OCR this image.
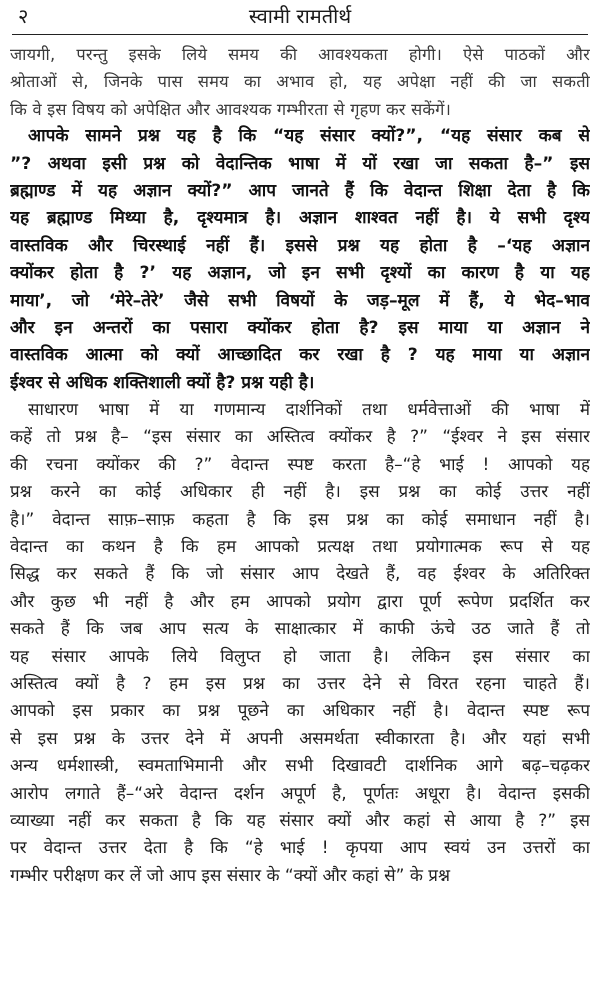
२	स्वामी रामतीर्थ
जायगी, परन्तु इसके लिये समय की आवश्यकता होगी। ऐसे पाठकों और
श्रोताओं से, जिनके पास समय का अभाव हो, यह अपेक्षा नहीं की जा सकती
कि वे इस विषय को अपेक्षित और आवश्यक गम्भीरता से गृहण कर सकेंगें।
आपके सामने प्रश्न यह है कि “यह संसार क्यों?”, “यह संसार कब से
”? अथवा इसी प्रश्न को वेदान्तिक भाषा में यों रखा जा सकता है–” इस
ब्रह्माण्ड में यह अज्ञान क्यों?” आप जानते हैं कि वेदान्त शिक्षा देता है कि
यह ब्रह्माण्ड मिथ्या है, दृश्यमात्र है। अज्ञान शाश्वत नहीं है। ये सभी दृश्य
वास्तविक और चिरस्थाई नहीं हैं। इससे प्रश्न यह होता है –‘यह अज्ञान
क्योंकर होता है ?’ यह अज्ञान, जो इन सभी दृश्यों का कारण है या यह
माया’, जो ‘मेरे–तेरे’ जैसे सभी विषयों के जड़–मूल में हैं, ये भेद–भाव
और इन अन्तरों का पसारा क्योंकर होता है? इस माया या अज्ञान ने
वास्तविक आत्मा को क्यों आच्छादित कर रखा है ? यह माया या अज्ञान
ईश्वर से अधिक शक्तिशाली क्यों है? प्रश्न यही है।
साधारण भाषा में या गणमान्य दार्शनिकों तथा धर्मवेत्ताओं की भाषा में
कहें तो प्रश्न है– “इस संसार का अस्तित्व क्योंकर है ?” “ईश्वर ने इस संसार
की रचना क्योंकर की ?” वेदान्त स्पष्ट करता है–“हे भाई ! आपको यह
प्रश्न करने का कोई अधिकार ही नहीं है। इस प्रश्न का कोई उत्तर नहीं
है।” वेदान्त साफ़–साफ़ कहता है कि इस प्रश्न का कोई समाधान नहीं है।
वेदान्त का कथन है कि हम आपको प्रत्यक्ष तथा प्रयोगात्मक रूप से यह
सिद्ध कर सकते हैं कि जो संसार आप देखते हैं, वह ईश्वर के अतिरिक्त
और कुछ भी नहीं है और हम आपको प्रयोग द्वारा पूर्ण रूपेण प्रदर्शित कर
सकते हैं कि जब आप सत्य के साक्षात्कार में काफी ऊंचे उठ जाते हैं तो
यह संसार आपके लिये विलुप्त हो जाता है। लेकिन इस संसार का
अस्तित्व क्यों है ? हम इस प्रश्न का उत्तर देने से विरत रहना चाहते हैं।
आपको इस प्रकार का प्रश्न पूछने का अधिकार नहीं है। वेदान्त स्पष्ट रूप
से इस प्रश्न के उत्तर देने में अपनी असमर्थता स्वीकारता है। और यहां सभी
अन्य धर्मशास्त्री, स्वमताभिमानी और सभी दिखावटी दार्शनिक आगे बढ़–चढ़कर
आरोप लगाते हैं–“अरे वेदान्त दर्शन अपूर्ण है, पूर्णतः अधूरा है। वेदान्त इसकी
व्याख्या नहीं कर सकता है कि यह संसार क्यों और कहां से आया है ?” इस
पर वेदान्त उत्तर देता है कि “हे भाई ! कृपया आप स्वयं उन उत्तरों का
गम्भीर परीक्षण कर लें जो आप इस संसार के “क्यों और कहां से” के प्रश्न
